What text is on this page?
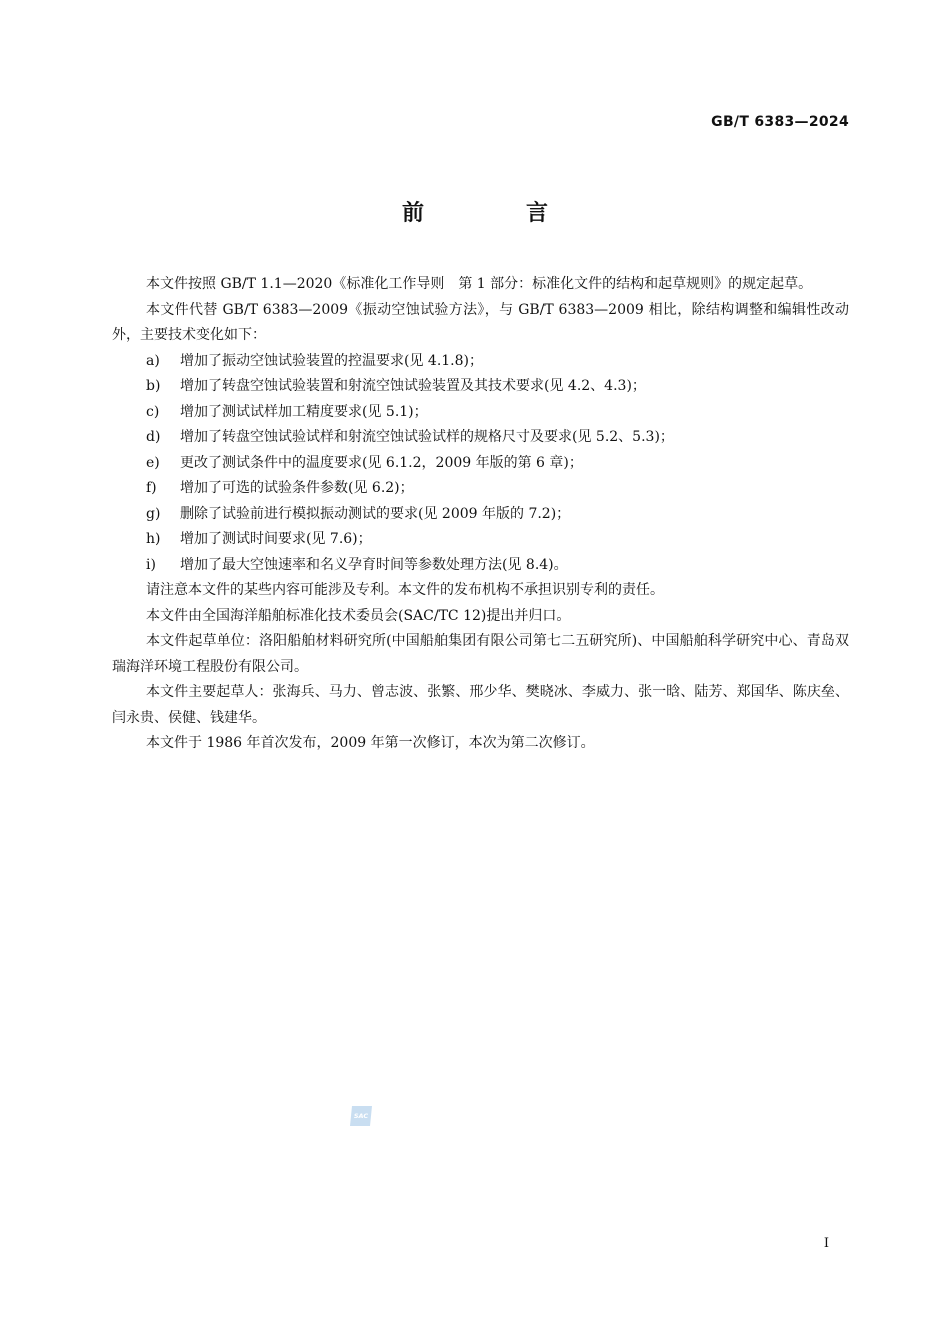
GB/T 6383—2024
前　言

本文件按照 GB/T 1.1—2020《标准化工作导则　第 1 部分：标准化文件的结构和起草规则》的规定起草。

本文件代替 GB/T 6383—2009《振动空蚀试验方法》，与 GB/T 6383—2009 相比，除结构调整和编辑性改动外，主要技术变化如下：

a)	增加了振动空蚀试验装置的控温要求(见 4.1.8)；
b)	增加了转盘空蚀试验装置和射流空蚀试验装置及其技术要求(见 4.2、4.3)；
c)	增加了测试试样加工精度要求(见 5.1)；
d)	增加了转盘空蚀试验试样和射流空蚀试验试样的规格尺寸及要求(见 5.2、5.3)；
e)	更改了测试条件中的温度要求(见 6.1.2，2009 年版的第 6 章)；
f)	增加了可选的试验条件参数(见 6.2)；
g)	删除了试验前进行模拟振动测试的要求(见 2009 年版的 7.2)；
h)	增加了测试时间要求(见 7.6)；
i)	增加了最大空蚀速率和名义孕育时间等参数处理方法(见 8.4)。

请注意本文件的某些内容可能涉及专利。本文件的发布机构不承担识别专利的责任。

本文件由全国海洋船舶标准化技术委员会(SAC/TC 12)提出并归口。

本文件起草单位：洛阳船舶材料研究所(中国船舶集团有限公司第七二五研究所)、中国船舶科学研究中心、青岛双瑞海洋环境工程股份有限公司。

本文件主要起草人：张海兵、马力、曾志波、张繁、邢少华、樊晓冰、李威力、张一晗、陆芳、郑国华、陈庆垒、闫永贵、侯健、钱建华。

本文件于 1986 年首次发布，2009 年第一次修订，本次为第二次修订。

SAC
I
